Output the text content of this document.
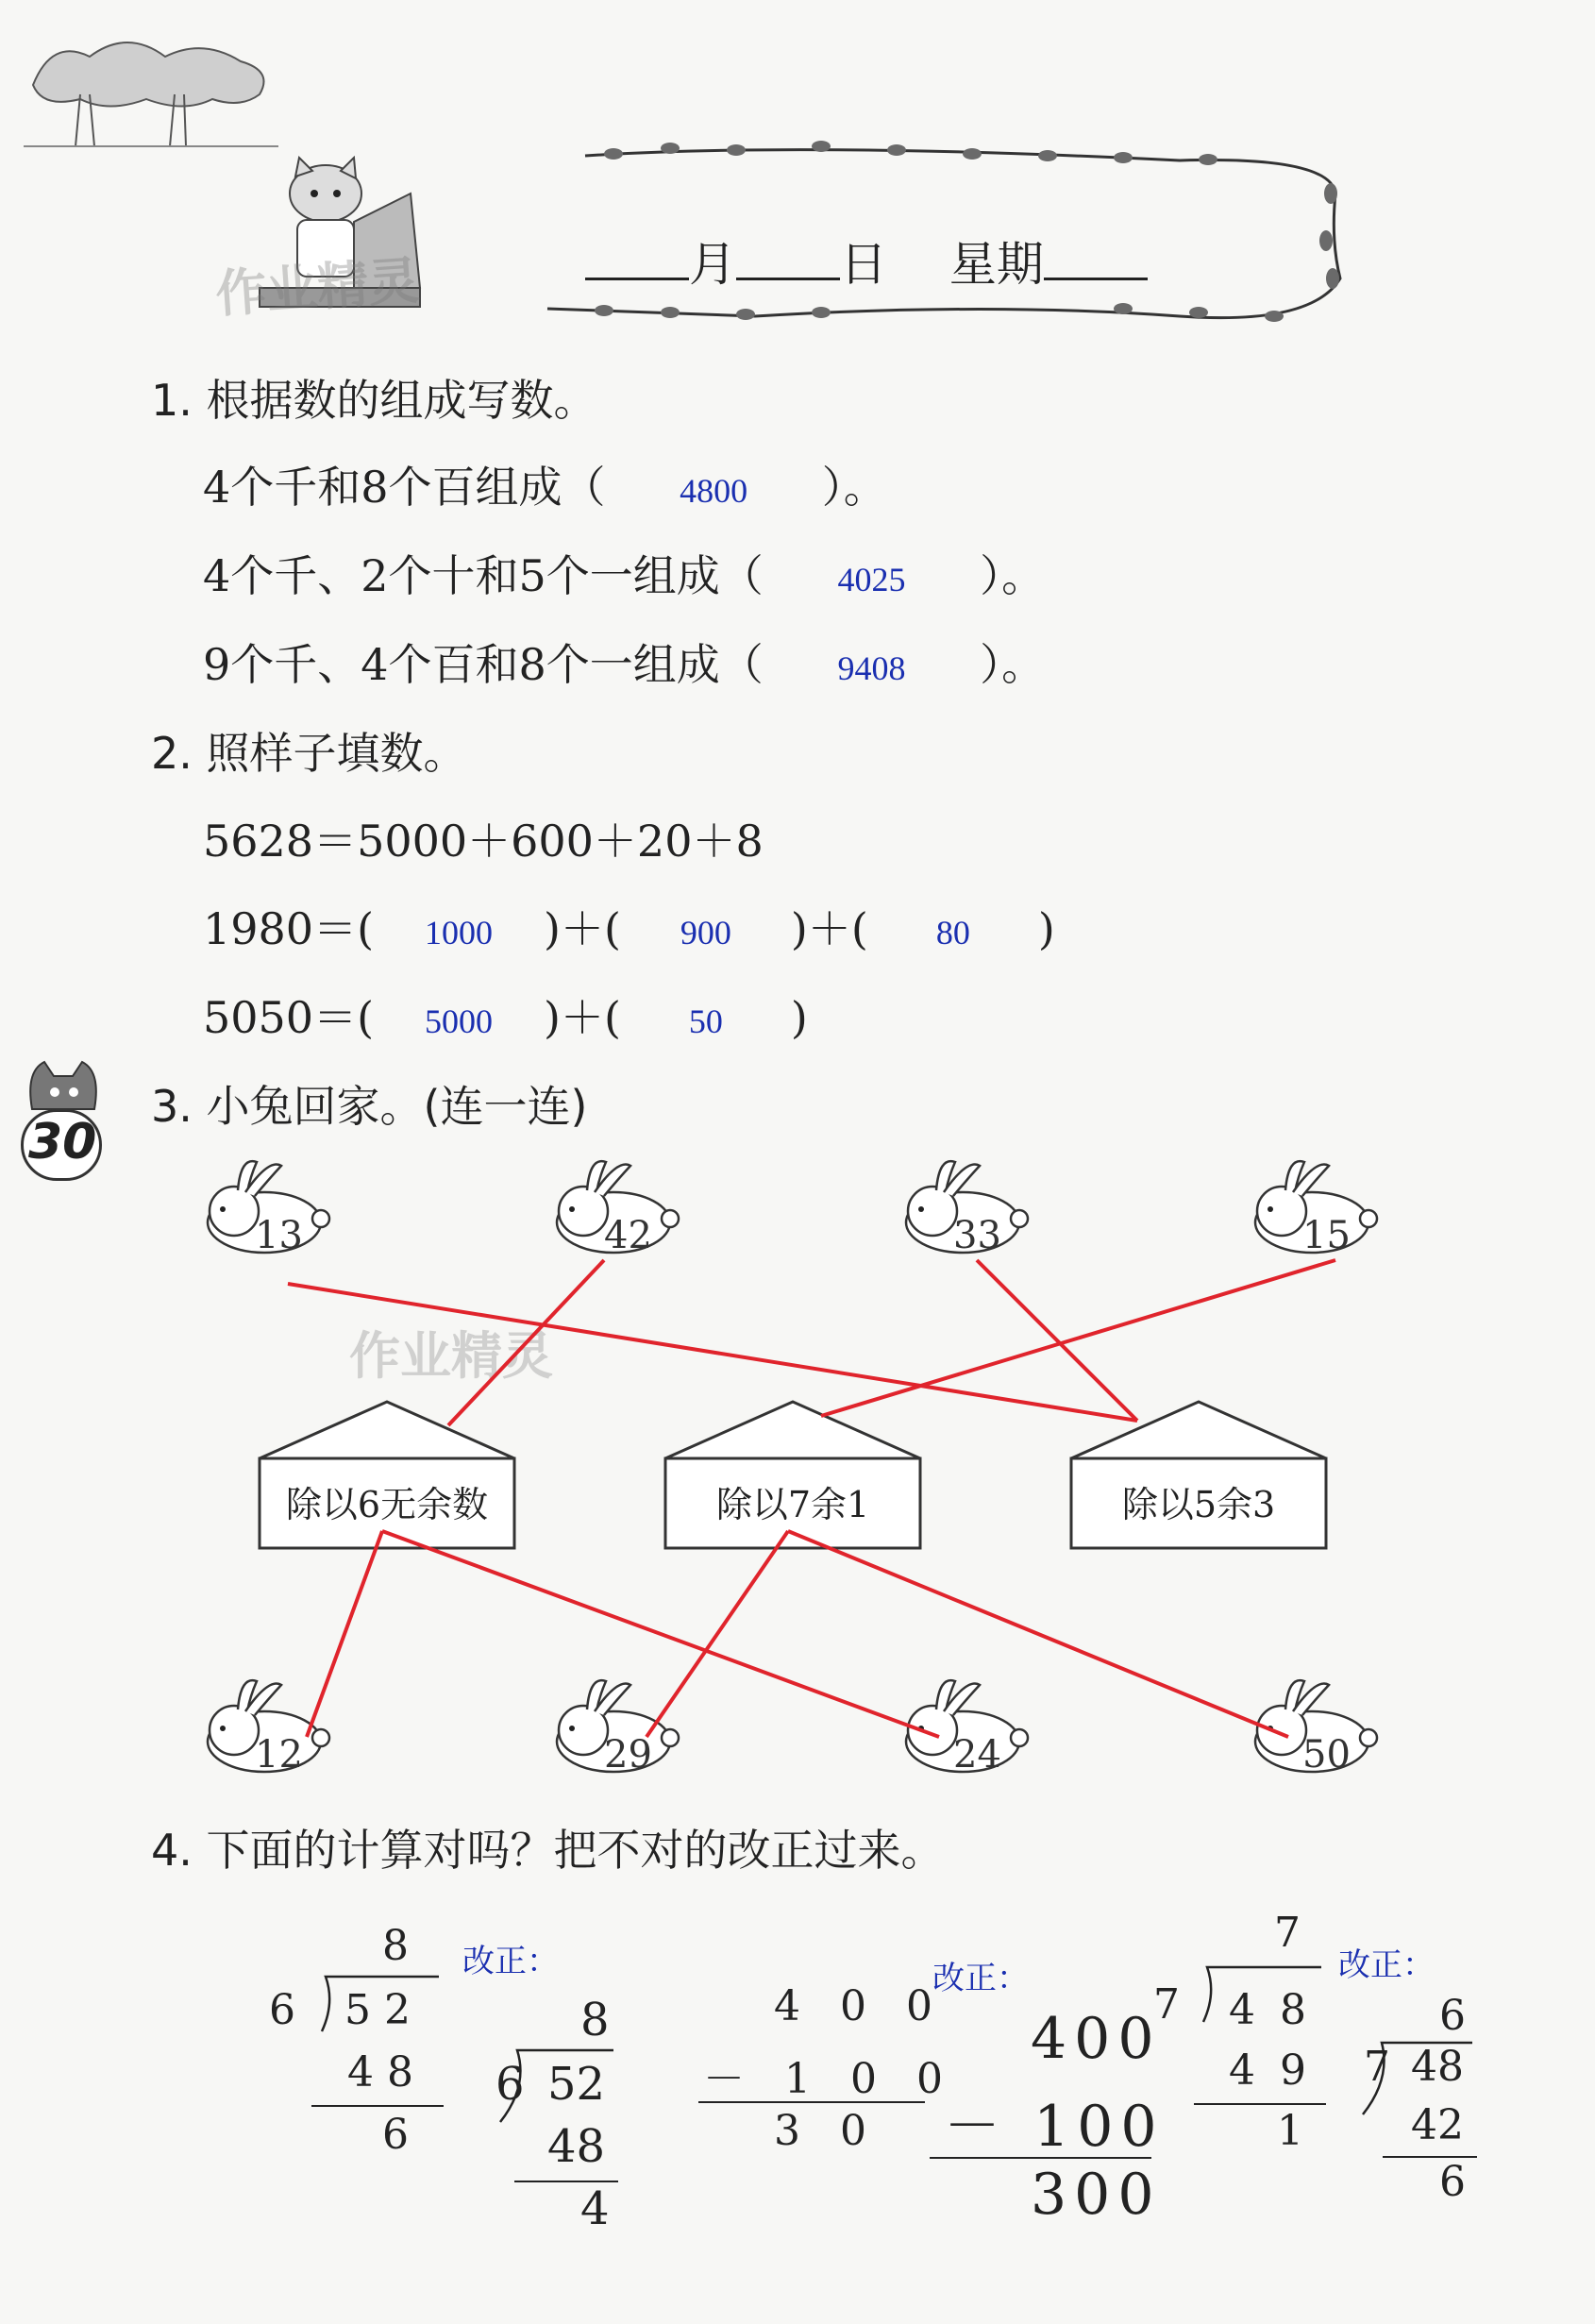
作业精灵	月 日 星期
1. 根据数的组成写数。
4个千和8个百组成（ 4800 ）。
4个千、2个十和5个一组成（ 4025 ）。
9个千、4个百和8个一组成（ 9408 ）。
2. 照样子填数。
5628＝5000＋600＋20＋8
1980＝( 1000 )＋( 900 )＋( 80 )
5050＝( 5000 )＋( 50 )
30
3. 小兔回家。(连一连)
作业精灵
13	42	33	15
除以6无余数	除以7余1	除以5余3
12	29	24	50
4. 下面的计算对吗？把不对的改正过来。
8
6 5 2
4 8
6
改正：
8
6 52
48
4
4 0 0
－ 1 0 0
3 0
改正：
400
－ 100
300
7
7 4 8
4 9
1
改正：
6
7 48
42
6
